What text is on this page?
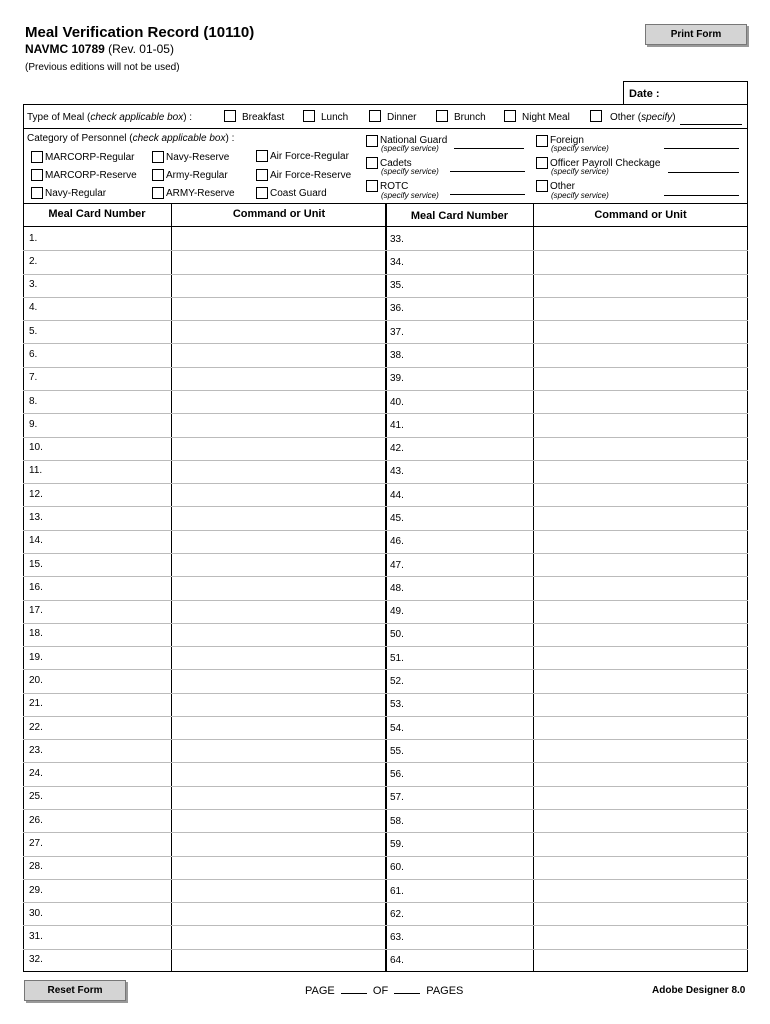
Meal Verification Record (10110)
NAVMC 10789 (Rev. 01-05)
(Previous editions will not be used)
Print Form
Date :
Type of Meal (check applicable box) :	Breakfast	Lunch	Dinner	Brunch	Night Meal	Other (specify)
Category of Personnel (check applicable box) :
MARCORP-Regular
MARCORP-Reserve
Navy-Regular
Navy-Reserve
Army-Regular
ARMY-Reserve
Air Force-Regular
Air Force-Reserve
Coast Guard
National Guard
(specify service)
Cadets
(specify service)
ROTC
(specify service)
Foreign
(specify service)
Officer Payroll Checkage
(specify service)
Other
(specify service)
Meal Card Number	Command or Unit	Meal Card Number	Command or Unit
1.	33.
2.	34.
3.	35.
4.	36.
5.	37.
6.	38.
7.	39.
8.	40.
9.	41.
10.	42.
11.	43.
12.	44.
13.	45.
14.	46.
15.	47.
16.	48.
17.	49.
18.	50.
19.	51.
20.	52.
21.	53.
22.	54.
23.	55.
24.	56.
25.	57.
26.	58.
27.	59.
28.	60.
29.	61.
30.	62.
31.	63.
32.	64.
Reset Form	PAGE	OF	PAGES	Adobe Designer 8.0
